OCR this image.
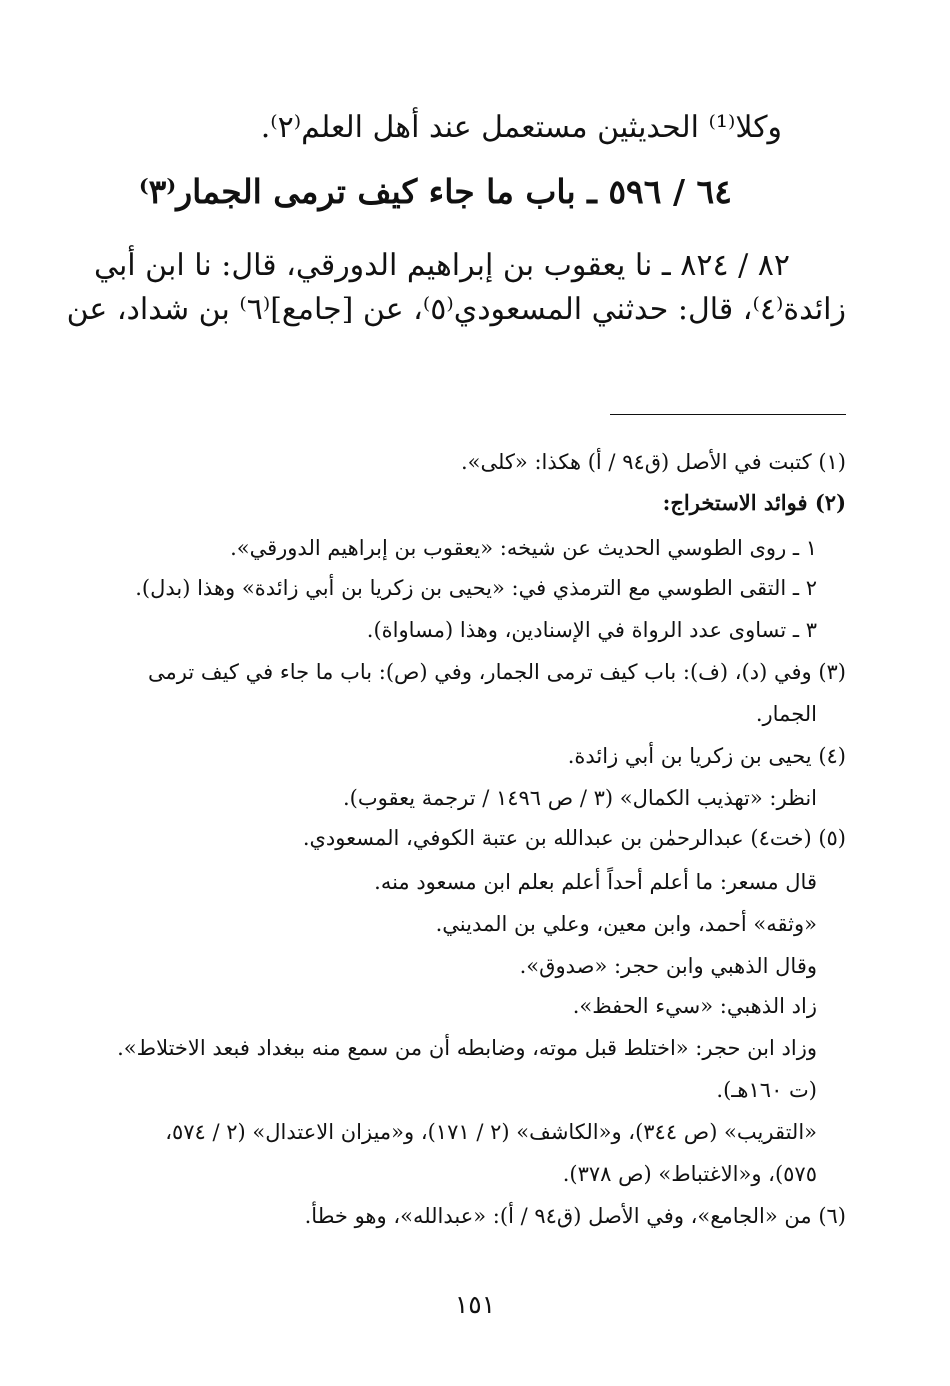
وكلا⁽¹⁾ الحديثين مستعمل عند أهل العلم⁽٢⁾.
٦٤ / ٥٩٦ ـ باب ما جاء كيف ترمى الجمار⁽٣⁾
٨٢ / ٨٢٤ ـ نا يعقوب بن إبراهيم الدورقي، قال: نا ابن أبي
زائدة⁽٤⁾، قال: حدثني المسعودي⁽٥⁾، عن [جامع]⁽٦⁾ بن شداد، عن
(١) كتبت في الأصل (ق٩٤ / أ) هكذا: «كلى».
(٢) فوائد الاستخراج:
١ ـ روى الطوسي الحديث عن شيخه: «يعقوب بن إبراهيم الدورقي».
٢ ـ التقى الطوسي مع الترمذي في: «يحيى بن زكريا بن أبي زائدة» وهذا (بدل).
٣ ـ تساوى عدد الرواة في الإسنادين، وهذا (مساواة).
(٣) وفي (د)، (ف): باب كيف ترمى الجمار، وفي (ص): باب ما جاء في كيف ترمى
الجمار.
(٤) يحيى بن زكريا بن أبي زائدة.
انظر: «تهذيب الكمال» (٣ / ص ١٤٩٦ / ترجمة يعقوب).
(٥) (خت٤) عبدالرحمٰن بن عبدالله بن عتبة الكوفي، المسعودي.
قال مسعر: ما أعلم أحداً أعلم بعلم ابن مسعود منه.
«وثقه» أحمد، وابن معين، وعلي بن المديني.
وقال الذهبي وابن حجر: «صدوق».
زاد الذهبي: «سيء الحفظ».
وزاد ابن حجر: «اختلط قبل موته، وضابطه أن من سمع منه ببغداد فبعد الاختلاط».
(ت ١٦٠هـ).
«التقريب» (ص ٣٤٤)، و«الكاشف» (٢ / ١٧١)، و«ميزان الاعتدال» (٢ / ٥٧٤،
٥٧٥)، و«الاغتباط» (ص ٣٧٨).
(٦) من «الجامع»، وفي الأصل (ق٩٤ / أ): «عبدالله»، وهو خطأ.
١٥١
